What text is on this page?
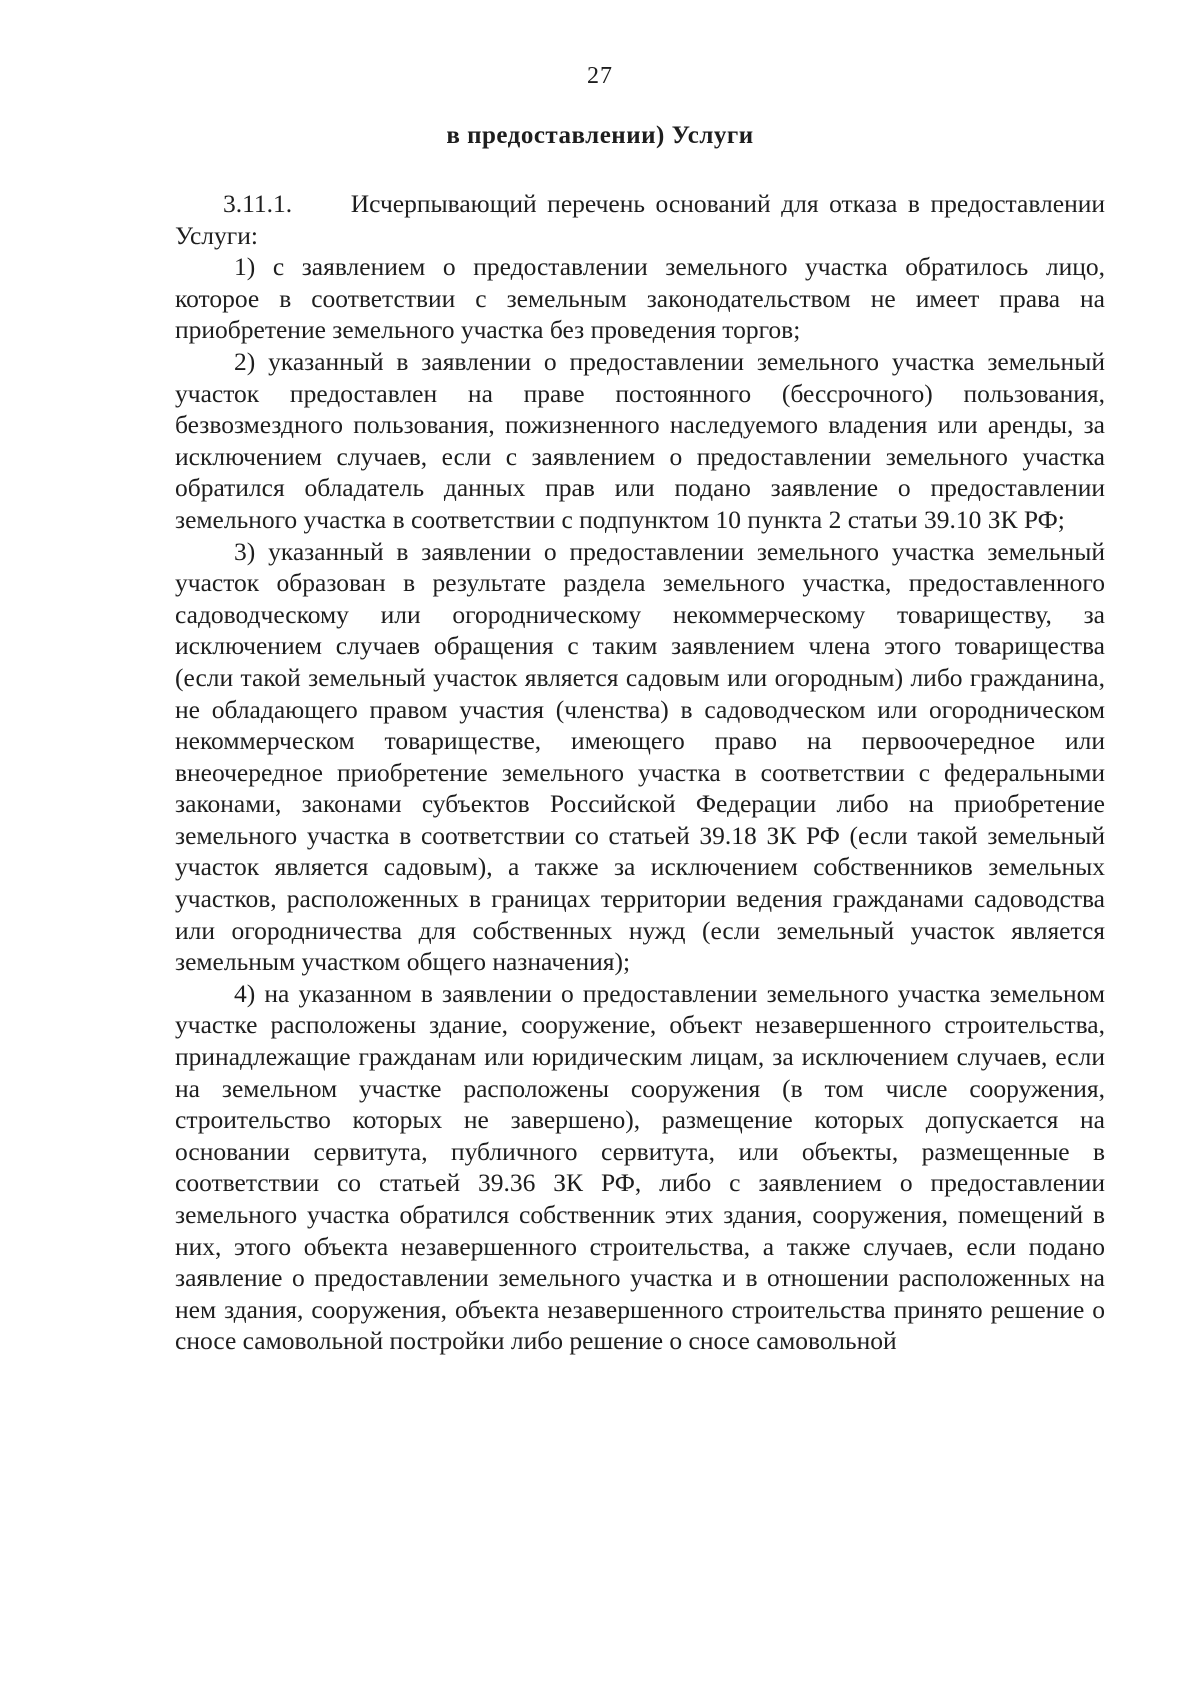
27
в предоставлении) Услуги

3.11.1. Исчерпывающий перечень оснований для отказа в предоставлении Услуги:

1) с заявлением о предоставлении земельного участка обратилось лицо, которое в соответствии с земельным законодательством не имеет права на приобретение земельного участка без проведения торгов;

2) указанный в заявлении о предоставлении земельного участка земельный участок предоставлен на праве постоянного (бессрочного) пользования, безвозмездного пользования, пожизненного наследуемого владения или аренды, за исключением случаев, если с заявлением о предоставлении земельного участка обратился обладатель данных прав или подано заявление о предоставлении земельного участка в соответствии с подпунктом 10 пункта 2 статьи 39.10 ЗК РФ;

3) указанный в заявлении о предоставлении земельного участка земельный участок образован в результате раздела земельного участка, предоставленного садоводческому или огородническому некоммерческому товариществу, за исключением случаев обращения с таким заявлением члена этого товарищества (если такой земельный участок является садовым или огородным) либо гражданина, не обладающего правом участия (членства) в садоводческом или огородническом некоммерческом товариществе, имеющего право на первоочередное или внеочередное приобретение земельного участка в соответствии с федеральными законами, законами субъектов Российской Федерации либо на приобретение земельного участка в соответствии со статьей 39.18 ЗК РФ (если такой земельный участок является садовым), а также за исключением собственников земельных участков, расположенных в границах территории ведения гражданами садоводства или огородничества для собственных нужд (если земельный участок является земельным участком общего назначения);

4) на указанном в заявлении о предоставлении земельного участка земельном участке расположены здание, сооружение, объект незавершенного строительства, принадлежащие гражданам или юридическим лицам, за исключением случаев, если на земельном участке расположены сооружения (в том числе сооружения, строительство которых не завершено), размещение которых допускается на основании сервитута, публичного сервитута, или объекты, размещенные в соответствии со статьей 39.36 ЗК РФ, либо с заявлением о предоставлении земельного участка обратился собственник этих здания, сооружения, помещений в них, этого объекта незавершенного строительства, а также случаев, если подано заявление о предоставлении земельного участка и в отношении расположенных на нем здания, сооружения, объекта незавершенного строительства принято решение о сносе самовольной постройки либо решение о сносе самовольной
